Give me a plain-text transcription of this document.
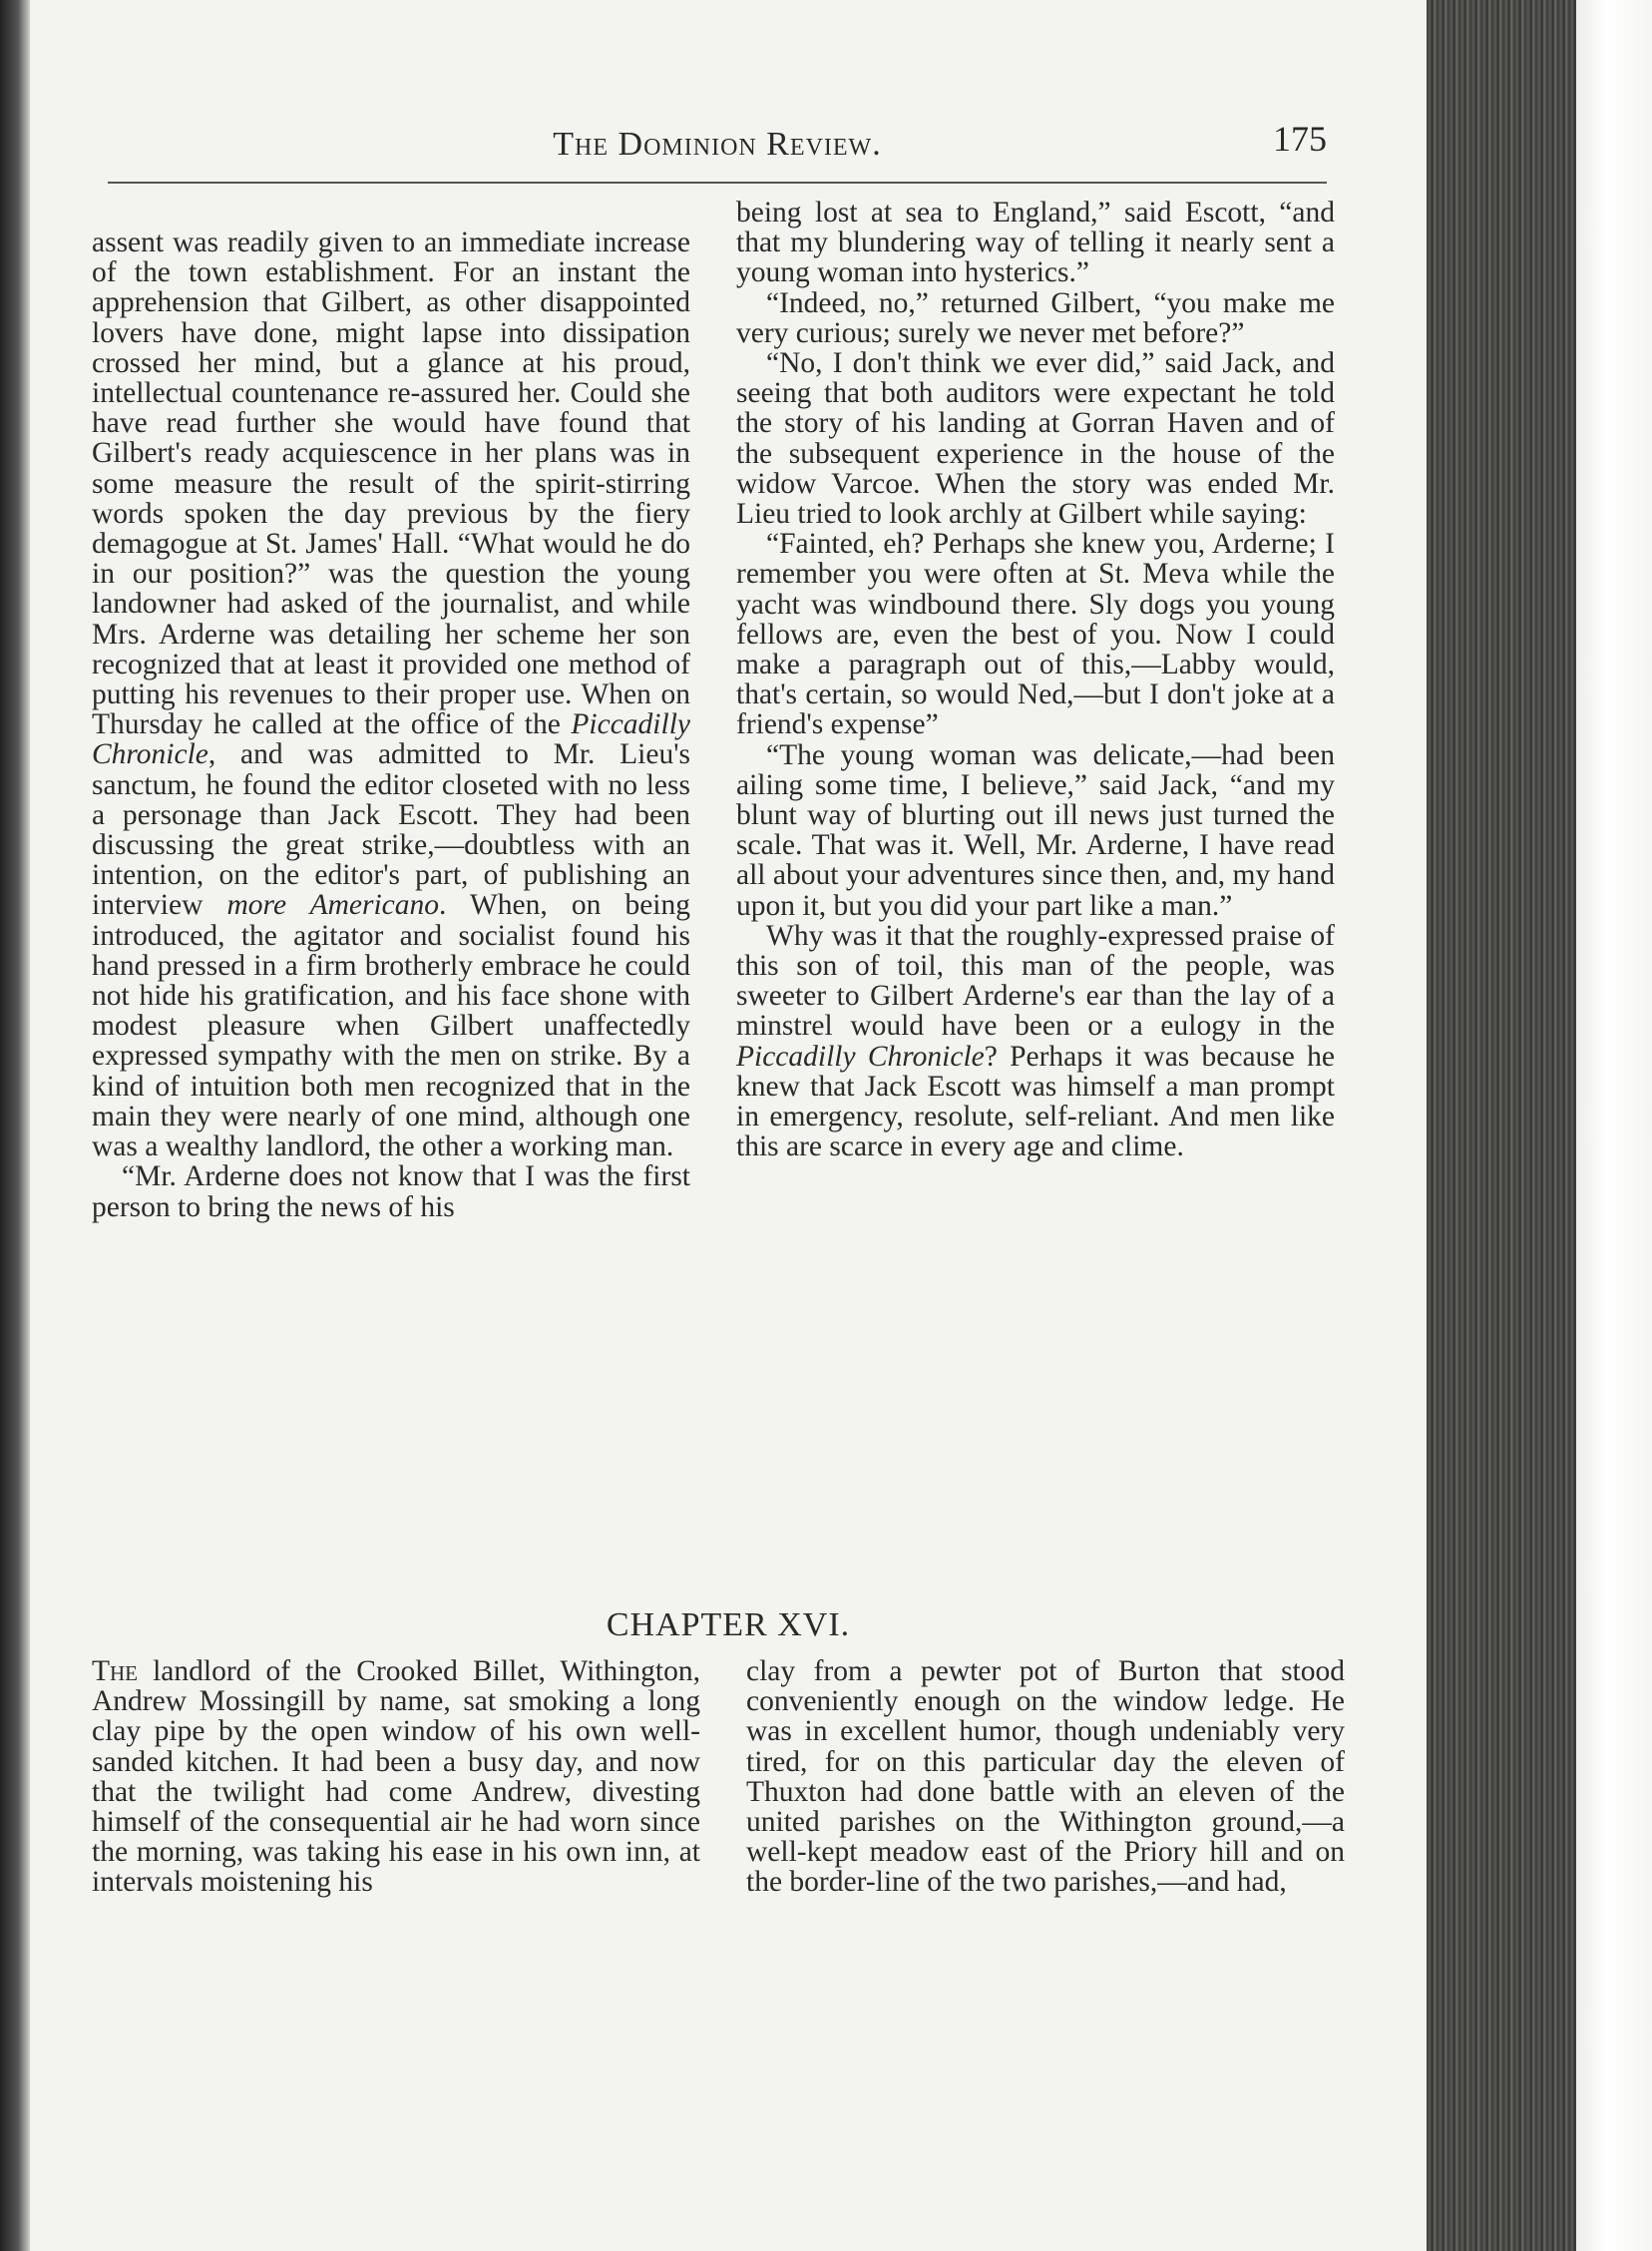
The Dominion Review.	175

assent was readily given to an immediate increase of the town establishment. For an instant the apprehension that Gilbert, as other disappointed lovers have done, might lapse into dissipation crossed her mind, but a glance at his proud, intellectual countenance re-assured her. Could she have read further she would have found that Gilbert's ready acquiescence in her plans was in some measure the result of the spirit-stirring words spoken the day previous by the fiery demagogue at St. James' Hall. “What would he do in our position?” was the question the young landowner had asked of the journalist, and while Mrs. Arderne was detailing her scheme her son recognized that at least it provided one method of putting his revenues to their proper use. When on Thursday he called at the office of the Piccadilly Chronicle, and was admitted to Mr. Lieu's sanctum, he found the editor closeted with no less a personage than Jack Escott. They had been discussing the great strike,—doubtless with an intention, on the editor's part, of publishing an interview more Americano. When, on being introduced, the agitator and socialist found his hand pressed in a firm brotherly embrace he could not hide his gratification, and his face shone with modest pleasure when Gilbert unaffectedly expressed sympathy with the men on strike. By a kind of intuition both men recognized that in the main they were nearly of one mind, although one was a wealthy landlord, the other a working man.

“Mr. Arderne does not know that I was the first person to bring the news of his

being lost at sea to England,” said Escott, “and that my blundering way of telling it nearly sent a young woman into hysterics.”

“Indeed, no,” returned Gilbert, “you make me very curious; surely we never met before?”

“No, I don't think we ever did,” said Jack, and seeing that both auditors were expectant he told the story of his landing at Gorran Haven and of the subsequent experience in the house of the widow Varcoe. When the story was ended Mr. Lieu tried to look archly at Gilbert while saying:

“Fainted, eh? Perhaps she knew you, Arderne; I remember you were often at St. Meva while the yacht was windbound there. Sly dogs you young fellows are, even the best of you. Now I could make a paragraph out of this,—Labby would, that's certain, so would Ned,—but I don't joke at a friend's expense”

“The young woman was delicate,—had been ailing some time, I believe,” said Jack, “and my blunt way of blurting out ill news just turned the scale. That was it. Well, Mr. Arderne, I have read all about your adventures since then, and, my hand upon it, but you did your part like a man.”

Why was it that the roughly-expressed praise of this son of toil, this man of the people, was sweeter to Gilbert Arderne's ear than the lay of a minstrel would have been or a eulogy in the Piccadilly Chronicle? Perhaps it was because he knew that Jack Escott was himself a man prompt in emergency, resolute, self-reliant. And men like this are scarce in every age and clime.

CHAPTER XVI.

The landlord of the Crooked Billet, Withington, Andrew Mossingill by name, sat smoking a long clay pipe by the open window of his own well-sanded kitchen. It had been a busy day, and now that the twilight had come Andrew, divesting himself of the consequential air he had worn since the morning, was taking his ease in his own inn, at intervals moistening his

clay from a pewter pot of Burton that stood conveniently enough on the window ledge. He was in excellent humor, though undeniably very tired, for on this particular day the eleven of Thuxton had done battle with an eleven of the united parishes on the Withington ground,—a well-kept meadow east of the Priory hill and on the border-line of the two parishes,—and had,
